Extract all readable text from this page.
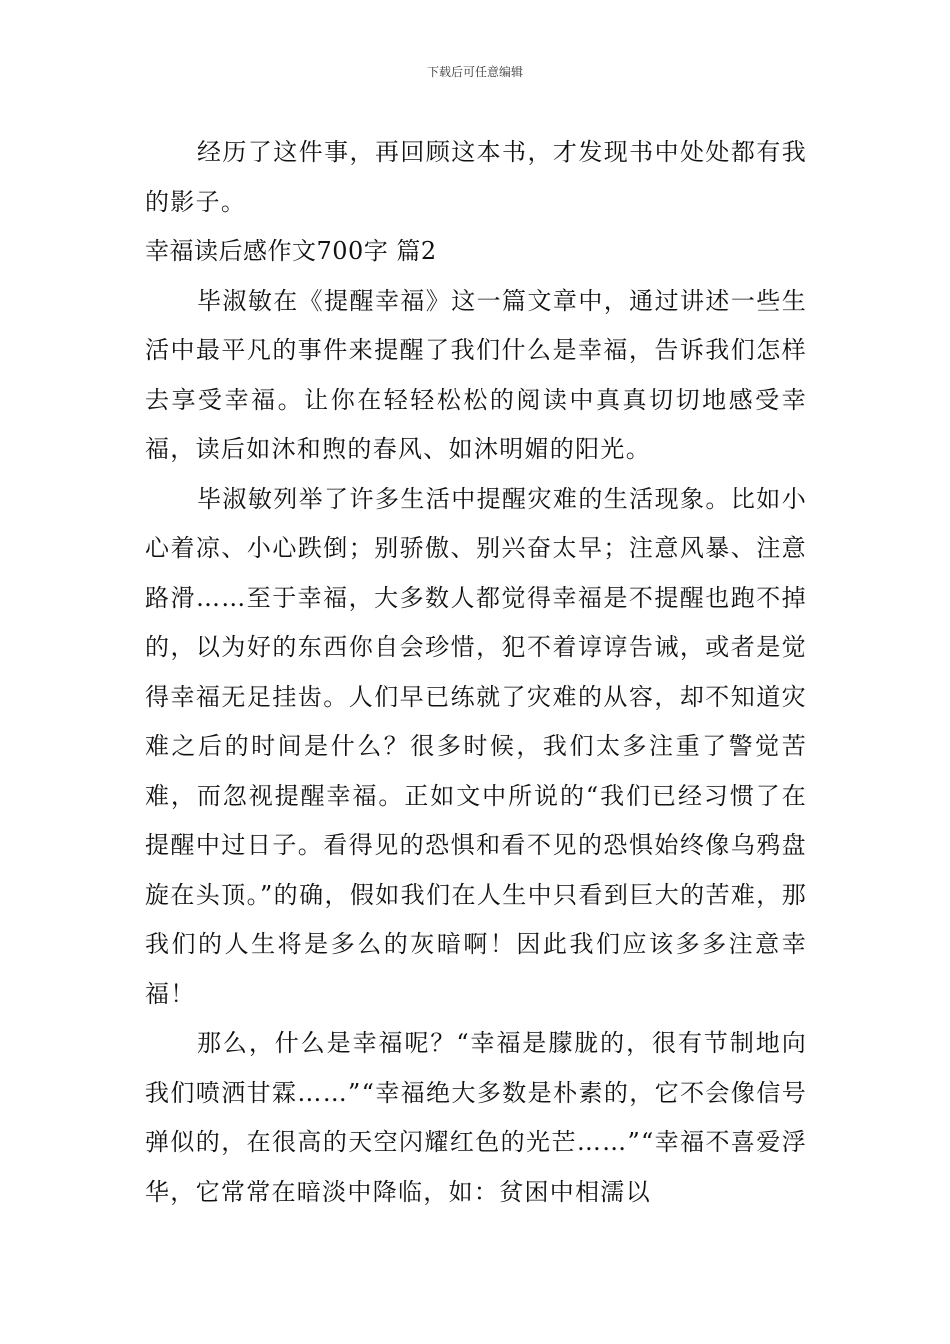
下载后可任意编辑

经历了这件事，再回顾这本书，才发现书中处处都有我的影子。

幸福读后感作文700字 篇2

毕淑敏在《提醒幸福》这一篇文章中，通过讲述一些生活中最平凡的事件来提醒了我们什么是幸福，告诉我们怎样去享受幸福。让你在轻轻松松的阅读中真真切切地感受幸福，读后如沐和煦的春风、如沐明媚的阳光。

毕淑敏列举了许多生活中提醒灾难的生活现象。比如小心着凉、小心跌倒；别骄傲、别兴奋太早；注意风暴、注意路滑……至于幸福，大多数人都觉得幸福是不提醒也跑不掉的，以为好的东西你自会珍惜，犯不着谆谆告诫，或者是觉得幸福无足挂齿。人们早已练就了灾难的从容，却不知道灾难之后的时间是什么？很多时候，我们太多注重了警觉苦难，而忽视提醒幸福。正如文中所说的“我们已经习惯了在提醒中过日子。看得见的恐惧和看不见的恐惧始终像乌鸦盘旋在头顶。”的确，假如我们在人生中只看到巨大的苦难，那我们的人生将是多么的灰暗啊！因此我们应该多多注意幸福！

那么，什么是幸福呢？“幸福是朦胧的，很有节制地向我们喷洒甘霖……”“幸福绝大多数是朴素的，它不会像信号弹似的，在很高的天空闪耀红色的光芒……”“幸福不喜爱浮华，它常常在暗淡中降临，如：贫困中相濡以
